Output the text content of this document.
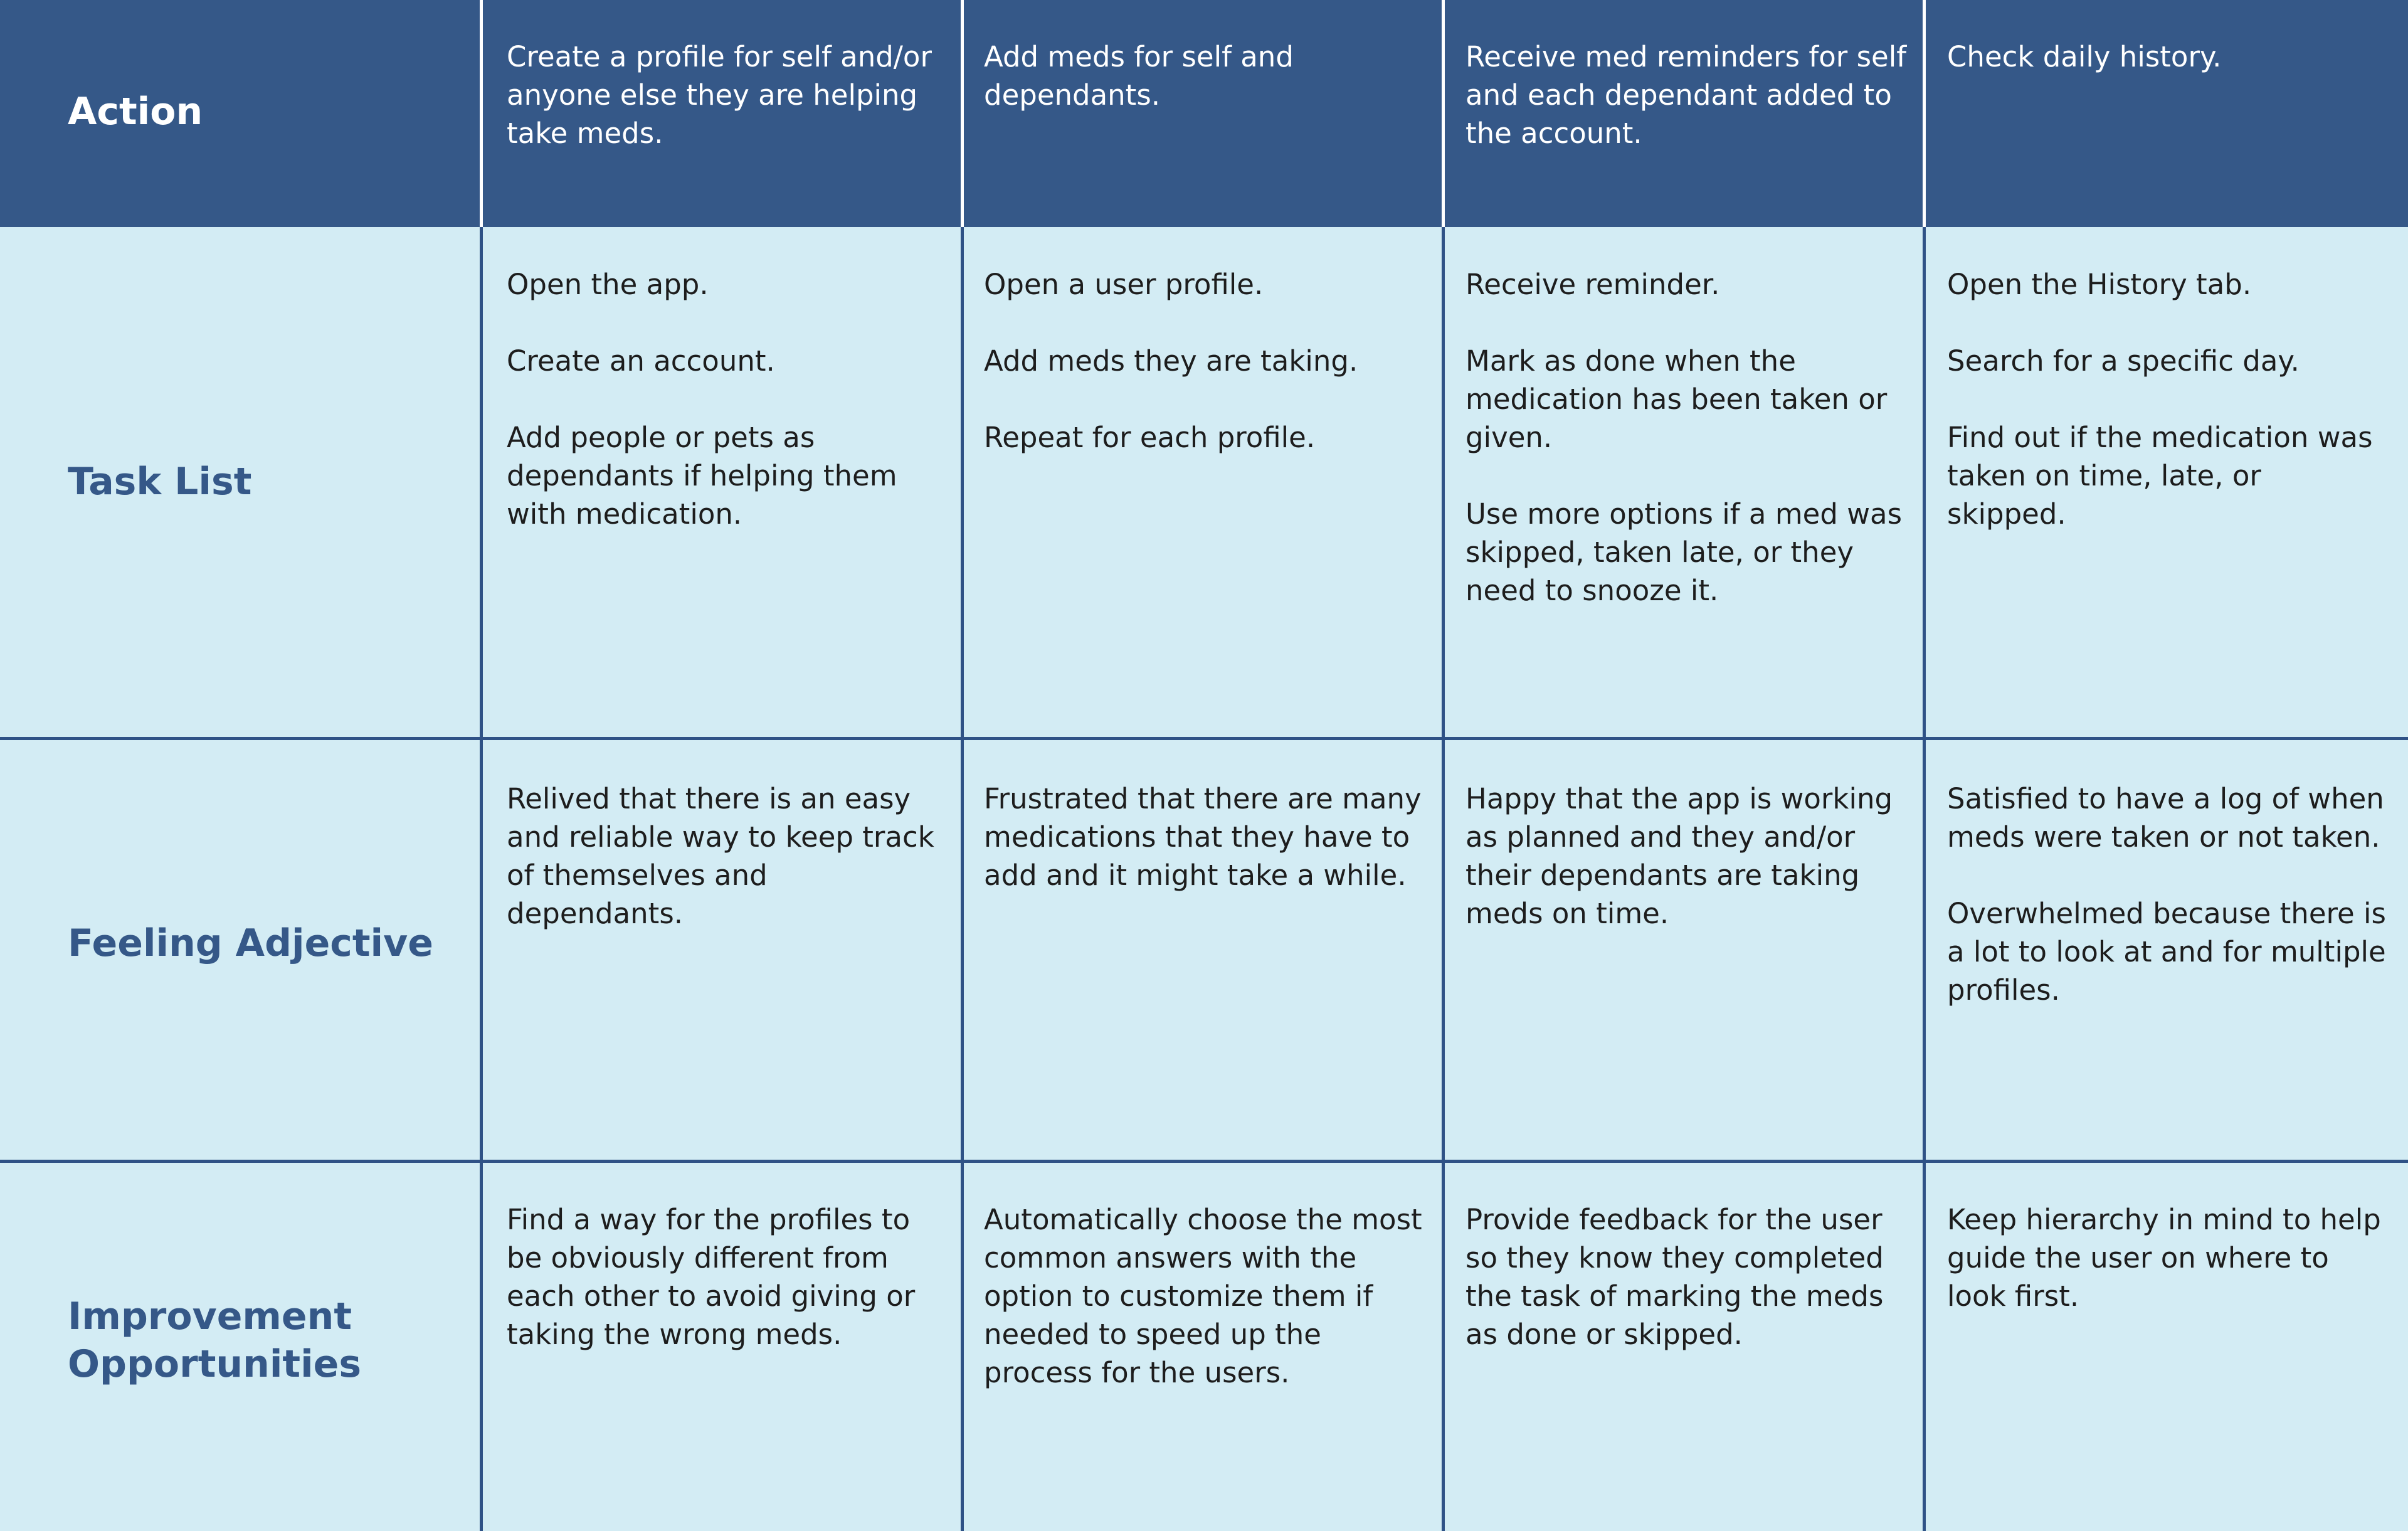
Action
Create a profile for self and/or anyone else they are helping take meds.
Add meds for self and dependants.
Receive med reminders for self and each dependant added to the account.
Check daily history.
Task List
Open the app.

Create an account.

Add people or pets as dependants if helping them with medication.
Open a user profile.

Add meds they are taking.

Repeat for each profile.
Receive reminder.

Mark as done when the medication has been taken or given.

Use more options if a med was skipped, taken late, or they need to snooze it.
Open the History tab.

Search for a specific day.

Find out if the medication was taken on time, late, or skipped.
Feeling Adjective
Relived that there is an easy and reliable way to keep track of themselves and dependants.
Frustrated that there are many medications that they have to add and it might take a while.
Happy that the app is working as planned and they and/or their dependants are taking meds on time.
Satisfied to have a log of when meds were taken or not taken.

Overwhelmed because there is a lot to look at and for multiple profiles.
Improvement Opportunities
Find a way for the profiles to be obviously different from each other to avoid giving or taking the wrong meds.
Automatically choose the most common answers with the option to customize them if needed to speed up the process for the users.
Provide feedback for the user so they know they completed the task of marking the meds as done or skipped.
Keep hierarchy in mind to help guide the user on where to look first.
